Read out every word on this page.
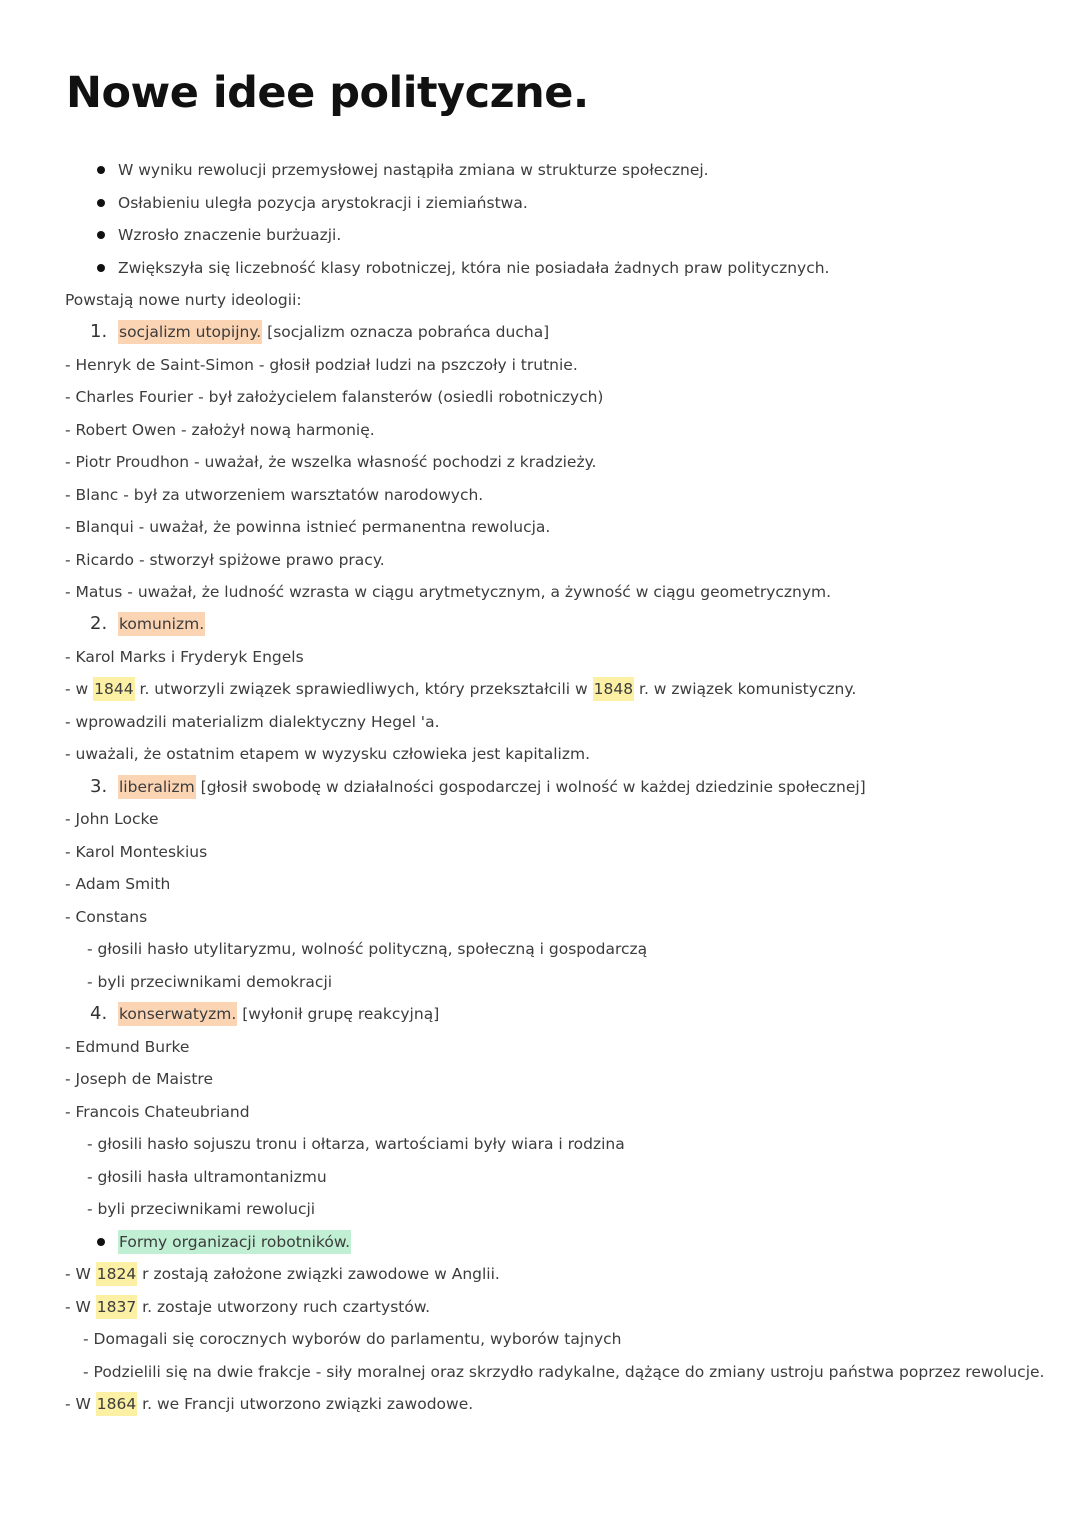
Nowe idee polityczne.
W wyniku rewolucji przemysłowej nastąpiła zmiana w strukturze społecznej.
Osłabieniu uległa pozycja arystokracji i ziemiaństwa.
Wzrosło znaczenie burżuazji.
Zwiększyła się liczebność klasy robotniczej, która nie posiadała żadnych praw politycznych.
Powstają nowe nurty ideologii:
1. socjalizm utopijny. [socjalizm oznacza pobrańca ducha]
- Henryk de Saint-Simon - głosił podział ludzi na pszczoły i trutnie.
- Charles Fourier - był założycielem falansterów (osiedli robotniczych)
- Robert Owen - założył nową harmonię.
- Piotr Proudhon - uważał, że wszelka własność pochodzi z kradzieży.
- Blanc - był za utworzeniem warsztatów narodowych.
- Blanqui - uważał, że powinna istnieć permanentna rewolucja.
- Ricardo - stworzył spiżowe prawo pracy.
- Matus - uważał, że ludność wzrasta w ciągu arytmetycznym, a żywność w ciągu geometrycznym.
2. komunizm.
- Karol Marks i Fryderyk Engels
- w 1844 r. utworzyli związek sprawiedliwych, który przekształcili w 1848 r. w związek komunistyczny.
- wprowadzili materializm dialektyczny Hegel 'a.
- uważali, że ostatnim etapem w wyzysku człowieka jest kapitalizm.
3. liberalizm [głosił swobodę w działalności gospodarczej i wolność w każdej dziedzinie społecznej]
- John Locke
- Karol Monteskius
- Adam Smith
- Constans
- głosili hasło utylitaryzmu, wolność polityczną, społeczną i gospodarczą
- byli przeciwnikami demokracji
4. konserwatyzm. [wyłonił grupę reakcyjną]
- Edmund Burke
- Joseph de Maistre
- Francois Chateubriand
- głosili hasło sojuszu tronu i ołtarza, wartościami były wiara i rodzina
- głosili hasła ultramontanizmu
- byli przeciwnikami rewolucji
Formy organizacji robotników.
- W 1824 r zostają założone związki zawodowe w Anglii.
- W 1837 r. zostaje utworzony ruch czartystów.
- Domagali się corocznych wyborów do parlamentu, wyborów tajnych
- Podzielili się na dwie frakcje - siły moralnej oraz skrzydło radykalne, dążące do zmiany ustroju państwa poprzez rewolucje.
- W 1864 r. we Francji utworzono związki zawodowe.
